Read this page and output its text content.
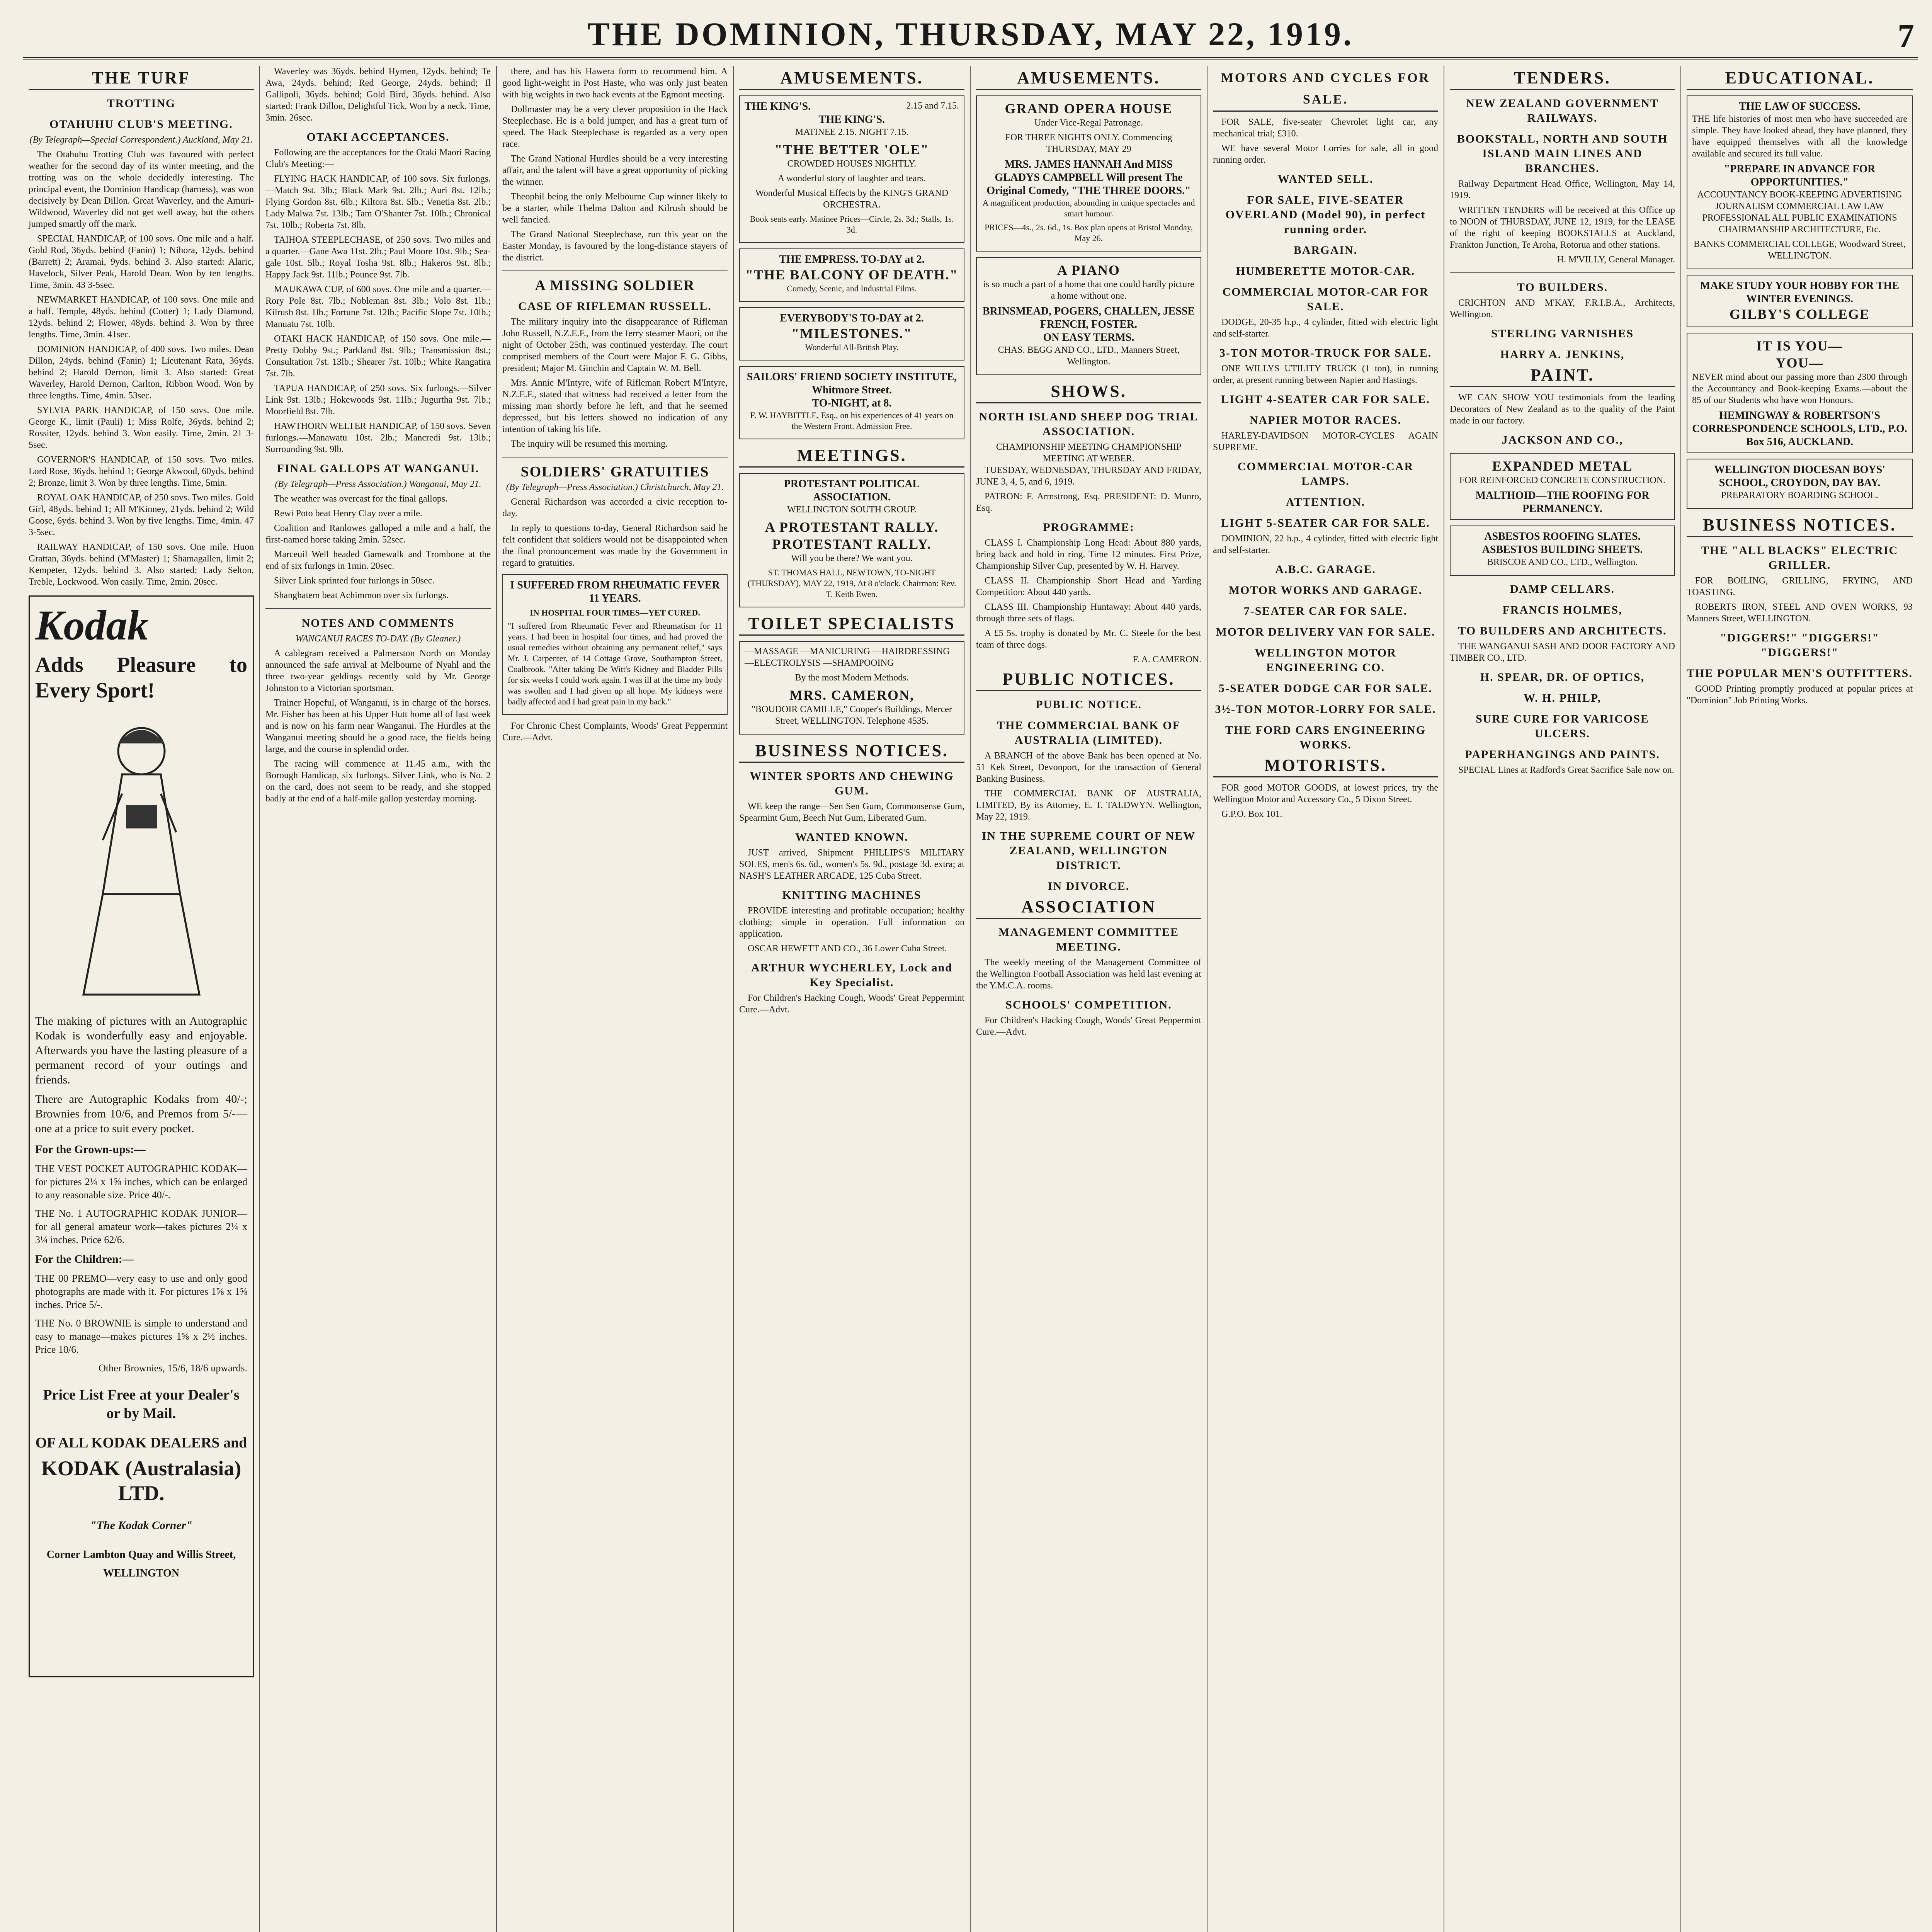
THE DOMINION, THURSDAY, MAY 22, 1919.	7
THE TURF
TROTTING
OTAHUHU CLUB'S MEETING.
(By Telegraph—Special Correspondent.) Auckland, May 21.

The Otahuhu Trotting Club was favoured with perfect weather for the second day of its winter meeting, and the trotting was on the whole decidedly interesting. The principal event, the Dominion Handicap (harness), was won decisively by Dean Dillon. Great Waverley, and the Amuri-Wildwood, Waverley did not get well away, but the others jumped smartly off the mark.

SPECIAL HANDICAP, of 100 sovs. One mile and a half. Gold Rod, 36yds. behind (Fanin) 1; Nihora, 12yds. behind (Barrett) 2; Aramai, 9yds. behind 3. Also started: Alaric, Havelock, Silver Peak, Harold Dean. Won by ten lengths. Time, 3min. 43 3-5sec.

NEWMARKET HANDICAP, of 100 sovs. One mile and a half. Temple, 48yds. behind (Cotter) 1; Lady Diamond, 12yds. behind 2; Flower, 48yds. behind 3. Won by three lengths. Time, 3min. 41sec.

DOMINION HANDICAP, of 400 sovs. Two miles. Dean Dillon, 24yds. behind (Fanin) 1; Lieutenant Rata, 36yds. behind 2; Harold Dernon, limit 3. Also started: Great Waverley, Harold Dernon, Carlton, Ribbon Wood. Won by three lengths. Time, 4min. 53sec.

SYLVIA PARK HANDICAP, of 150 sovs. One mile. George K., limit (Pauli) 1; Miss Rolfe, 36yds. behind 2; Rossiter, 12yds. behind 3. Won easily. Time, 2min. 21 3-5sec.

GOVERNOR'S HANDICAP, of 150 sovs. Two miles. Lord Rose, 36yds. behind 1; George Akwood, 60yds. behind 2; Bronze, limit 3. Won by three lengths. Time, 5min.

ROYAL OAK HANDICAP, of 250 sovs. Two miles. Gold Girl, 48yds. behind 1; All M'Kinney, 21yds. behind 2; Wild Goose, 6yds. behind 3. Won by five lengths. Time, 4min. 47 3-5sec.

RAILWAY HANDICAP, of 150 sovs. One mile. Huon Grattan, 36yds. behind (M'Master) 1; Shamagallen, limit 2; Kempeter, 12yds. behind 3. Also started: Lady Selton, Treble, Lockwood. Won easily. Time, 2min. 20sec.

Kodak
Adds Pleasure to Every Sport!
The making of pictures with an Autographic Kodak is wonderfully easy and enjoyable. Afterwards you have the lasting pleasure of a permanent record of your outings and friends.
There are Autographic Kodaks from 40/-; Brownies from 10/6, and Premos from 5/-—one at a price to suit every pocket.
For the Grown-ups:—
THE VEST POCKET AUTOGRAPHIC KODAK—for pictures 2¼ x 1⅝ inches, which can be enlarged to any reasonable size. Price 40/-.
THE No. 1 AUTOGRAPHIC KODAK JUNIOR—for all general amateur work—takes pictures 2¼ x 3¼ inches. Price 62/6.
For the Children:—
THE 00 PREMO—very easy to use and only good photographs are made with it. For pictures 1⅝ x 1⅝ inches. Price 5/-.
THE No. 0 BROWNIE is simple to understand and easy to manage—makes pictures 1⅝ x 2½ inches. Price 10/6.
Other Brownies, 15/6, 18/6 upwards.
Price List Free at your Dealer's or by Mail.
OF ALL KODAK DEALERS and
KODAK (Australasia) LTD.
"The Kodak Corner"
Corner Lambton Quay and Willis Street, WELLINGTON

Waverley was 36yds. behind Hymen, 12yds. behind; Te Awa, 24yds. behind; Red George, 24yds. behind; Il Gallipoli, 36yds. behind; Gold Bird, 36yds. behind. Also started: Frank Dillon, Delightful Tick. Won by a neck. Time, 3min. 26sec.

OTAKI ACCEPTANCES.

Following are the acceptances for the Otaki Maori Racing Club's Meeting:—

FLYING HACK HANDICAP, of 100 sovs. Six furlongs.—Match 9st. 3lb.; Black Mark 9st. 2lb.; Auri 8st. 12lb.; Flying Gordon 8st. 6lb.; Kiltora 8st. 5lb.; Venetia 8st. 2lb.; Lady Malwa 7st. 13lb.; Tam O'Shanter 7st. 10lb.; Chronical 7st. 10lb.; Roberta 7st. 8lb.

TAIHOA STEEPLECHASE, of 250 sovs. Two miles and a quarter.—Gane Awa 11st. 2lb.; Paul Moore 10st. 9lb.; Sea-gale 10st. 5lb.; Royal Tosha 9st. 8lb.; Hakeros 9st. 8lb.; Happy Jack 9st. 11lb.; Pounce 9st. 7lb.

MAUKAWA CUP, of 600 sovs. One mile and a quarter.—Rory Pole 8st. 7lb.; Nobleman 8st. 3lb.; Volo 8st. 1lb.; Kilrush 8st. 1lb.; Fortune 7st. 12lb.; Pacific Slope 7st. 10lb.; Manuatu 7st. 10lb.

OTAKI HACK HANDICAP, of 150 sovs. One mile.—Pretty Dobby 9st.; Parkland 8st. 9lb.; Transmission 8st.; Consultation 7st. 13lb.; Shearer 7st. 10lb.; White Rangatira 7st. 7lb.

TAPUA HANDICAP, of 250 sovs. Six furlongs.—Silver Link 9st. 13lb.; Hokewoods 9st. 11lb.; Jugurtha 9st. 7lb.; Moorfield 8st. 7lb.

HAWTHORN WELTER HANDICAP, of 150 sovs. Seven furlongs.—Manawatu 10st. 2lb.; Mancredi 9st. 13lb.; Surrounding 9st. 9lb.

FINAL GALLOPS AT WANGANUI.
(By Telegraph—Press Association.) Wanganui, May 21.

The weather was overcast for the final gallops.

Rewi Poto beat Henry Clay over a mile.

Coalition and Ranlowes galloped a mile and a half, the first-named horse taking 2min. 52sec.

Marceuil Well headed Gamewalk and Trombone at the end of six furlongs in 1min. 20sec.

Silver Link sprinted four furlongs in 50sec.

Shanghatem beat Achimmon over six furlongs.

NOTES AND COMMENTS
WANGANUI RACES TO-DAY. (By Gleaner.)

A cablegram received a Palmerston North on Monday announced the safe arrival at Melbourne of Nyahl and the three two-year geldings recently sold by Mr. George Johnston to a Victorian sportsman.

Trainer Hopeful, of Wanganui, is in charge of the horses. Mr. Fisher has been at his Upper Hutt home all of last week and is now on his farm near Wanganui. The Hurdles at the Wanganui meeting should be a good race, the fields being large, and the course in splendid order.

The racing will commence at 11.45 a.m., with the Borough Handicap, six furlongs. Silver Link, who is No. 2 on the card, does not seem to be ready, and she stopped badly at the end of a half-mile gallop yesterday morning.

there, and has his Hawera form to recommend him. A good light-weight in Post Haste, who was only just beaten with big weights in two hack events at the Egmont meeting.

Dollmaster may be a very clever proposition in the Hack Steeplechase. He is a bold jumper, and has a great turn of speed. The Hack Steeplechase is regarded as a very open race.

The Grand National Hurdles should be a very interesting affair, and the talent will have a great opportunity of picking the winner.

Theophil being the only Melbourne Cup winner likely to be a starter, while Thelma Dalton and Kilrush should be well fancied.

The Grand National Steeplechase, run this year on the Easter Monday, is favoured by the long-distance stayers of the district.

A MISSING SOLDIER
CASE OF RIFLEMAN RUSSELL.

The military inquiry into the disappearance of Rifleman John Russell, N.Z.E.F., from the ferry steamer Maori, on the night of October 25th, was continued yesterday. The court comprised members of the Court were Major F. G. Gibbs, president; Major M. Ginchin and Captain W. M. Bell.

Mrs. Annie M'Intyre, wife of Rifleman Robert M'Intyre, N.Z.E.F., stated that witness had received a letter from the missing man shortly before he left, and that he seemed depressed, but his letters showed no indication of any intention of taking his life.

The inquiry will be resumed this morning.

SOLDIERS' GRATUITIES
(By Telegraph—Press Association.) Christchurch, May 21.

General Richardson was accorded a civic reception to-day.

In reply to questions to-day, General Richardson said he felt confident that soldiers would not be disappointed when the final pronouncement was made by the Government in regard to gratuities.

I SUFFERED FROM RHEUMATIC FEVER 11 YEARS.
IN HOSPITAL FOUR TIMES—YET CURED.

"I suffered from Rheumatic Fever and Rheumatism for 11 years. I had been in hospital four times, and had proved the usual remedies without obtaining any permanent relief," says Mr. J. Carpenter, of 14 Cottage Grove, Southampton Street, Coalbrook. "After taking De Witt's Kidney and Bladder Pills for six weeks I could work again. I was ill at the time my body was swollen and I had given up all hope. My kidneys were badly affected and I had great pain in my back."

For Chronic Chest Complaints, Woods' Great Peppermint Cure.—Advt.

AMUSEMENTS.
THE KING'S.	2.15 and 7.15.
THE KING'S.

MATINEE 2.15. NIGHT 7.15.

"THE BETTER 'OLE"

CROWDED HOUSES NIGHTLY.

A wonderful story of laughter and tears.

Wonderful Musical Effects by the KING'S GRAND ORCHESTRA.

Book seats early. Matinee Prices—Circle, 2s. 3d.; Stalls, 1s. 3d.

THE EMPRESS. TO-DAY at 2.
"THE BALCONY OF DEATH."

Comedy, Scenic, and Industrial Films.

EVERYBODY'S TO-DAY at 2.
"MILESTONES."

Wonderful All-British Play.

SAILORS' FRIEND SOCIETY INSTITUTE, Whitmore Street.
TO-NIGHT, at 8.

F. W. HAYBITTLE, Esq., on his experiences of 41 years on the Western Front. Admission Free.

MEETINGS.
PROTESTANT POLITICAL ASSOCIATION.

WELLINGTON SOUTH GROUP.

A PROTESTANT RALLY. PROTESTANT RALLY.

Will you be there? We want you.

ST. THOMAS HALL, NEWTOWN, TO-NIGHT (THURSDAY), MAY 22, 1919, At 8 o'clock. Chairman: Rev. T. Keith Ewen.

TOILET SPECIALISTS

—MASSAGE —MANICURING —HAIRDRESSING —ELECTROLYSIS —SHAMPOOING

By the most Modern Methods.

MRS. CAMERON,

"BOUDOIR CAMILLE," Cooper's Buildings, Mercer Street, WELLINGTON. Telephone 4535.

BUSINESS NOTICES.
WINTER SPORTS AND CHEWING GUM.

WE keep the range—Sen Sen Gum, Commonsense Gum, Spearmint Gum, Beech Nut Gum, Liberated Gum.

WANTED KNOWN.

JUST arrived, Shipment PHILLIPS'S MILITARY SOLES, men's 6s. 6d., women's 5s. 9d., postage 3d. extra; at NASH'S LEATHER ARCADE, 125 Cuba Street.

KNITTING MACHINES

PROVIDE interesting and profitable occupation; healthy clothing; simple in operation. Full information on application.

OSCAR HEWETT AND CO., 36 Lower Cuba Street.

ARTHUR WYCHERLEY, Lock and Key Specialist.

For Children's Hacking Cough, Woods' Great Peppermint Cure.—Advt.

AMUSEMENTS.
GRAND OPERA HOUSE

Under Vice-Regal Patronage.

FOR THREE NIGHTS ONLY. Commencing THURSDAY, MAY 29

MRS. JAMES HANNAH And MISS GLADYS CAMPBELL Will present The Original Comedy, "THE THREE DOORS."

A magnificent production, abounding in unique spectacles and smart humour.

PRICES—4s., 2s. 6d., 1s. Box plan opens at Bristol Monday, May 26.

A PIANO

is so much a part of a home that one could hardly picture a home without one.

BRINSMEAD, POGERS, CHALLEN, JESSE FRENCH, FOSTER.
ON EASY TERMS.

CHAS. BEGG AND CO., LTD., Manners Street, Wellington.

SHOWS.
NORTH ISLAND SHEEP DOG TRIAL ASSOCIATION.
CHAMPIONSHIP MEETING CHAMPIONSHIP MEETING AT WEBER.

TUESDAY, WEDNESDAY, THURSDAY AND FRIDAY, JUNE 3, 4, 5, and 6, 1919.

PATRON: F. Armstrong, Esq. PRESIDENT: D. Munro, Esq.

PROGRAMME:

CLASS I. Championship Long Head: About 880 yards, bring back and hold in ring. Time 12 minutes. First Prize, Championship Silver Cup, presented by W. H. Harvey.

CLASS II. Championship Short Head and Yarding Competition: About 440 yards.

CLASS III. Championship Huntaway: About 440 yards, through three sets of flags.

A £5 5s. trophy is donated by Mr. C. Steele for the best team of three dogs.

F. A. CAMERON.

PUBLIC NOTICES.
PUBLIC NOTICE.
THE COMMERCIAL BANK OF AUSTRALIA (LIMITED).

A BRANCH of the above Bank has been opened at No. 51 Kek Street, Devonport, for the transaction of General Banking Business.

THE COMMERCIAL BANK OF AUSTRALIA, LIMITED, By its Attorney, E. T. TALDWYN. Wellington, May 22, 1919.

IN THE SUPREME COURT OF NEW ZEALAND, WELLINGTON DISTRICT.
IN DIVORCE.
ASSOCIATION
MANAGEMENT COMMITTEE MEETING.

The weekly meeting of the Management Committee of the Wellington Football Association was held last evening at the Y.M.C.A. rooms.

SCHOOLS' COMPETITION.

For Children's Hacking Cough, Woods' Great Peppermint Cure.—Advt.

MOTORS AND CYCLES FOR SALE.

FOR SALE, five-seater Chevrolet light car, any mechanical trial; £310.

WE have several Motor Lorries for sale, all in good running order.

WANTED SELL.
FOR SALE, FIVE-SEATER OVERLAND (Model 90), in perfect running order.
BARGAIN.
HUMBERETTE MOTOR-CAR.
COMMERCIAL MOTOR-CAR FOR SALE.

DODGE, 20-35 h.p., 4 cylinder, fitted with electric light and self-starter.

3-TON MOTOR-TRUCK FOR SALE.

ONE WILLYS UTILITY TRUCK (1 ton), in running order, at present running between Napier and Hastings.

LIGHT 4-SEATER CAR FOR SALE.
NAPIER MOTOR RACES.

HARLEY-DAVIDSON MOTOR-CYCLES AGAIN SUPREME.

COMMERCIAL MOTOR-CAR LAMPS.
ATTENTION.
LIGHT 5-SEATER CAR FOR SALE.

DOMINION, 22 h.p., 4 cylinder, fitted with electric light and self-starter.

A.B.C. GARAGE.
MOTOR WORKS AND GARAGE.
7-SEATER CAR FOR SALE.
MOTOR DELIVERY VAN FOR SALE.
WELLINGTON MOTOR ENGINEERING CO.
5-SEATER DODGE CAR FOR SALE.
3½-TON MOTOR-LORRY FOR SALE.
THE FORD CARS ENGINEERING WORKS.
MOTORISTS.

FOR good MOTOR GOODS, at lowest prices, try the Wellington Motor and Accessory Co., 5 Dixon Street.

G.P.O. Box 101.

TENDERS.
NEW ZEALAND GOVERNMENT RAILWAYS.
BOOKSTALL, NORTH AND SOUTH ISLAND MAIN LINES AND BRANCHES.

Railway Department Head Office, Wellington, May 14, 1919.

WRITTEN TENDERS will be received at this Office up to NOON of THURSDAY, JUNE 12, 1919, for the LEASE of the right of keeping BOOKSTALLS at Auckland, Frankton Junction, Te Aroha, Rotorua and other stations.

H. M'VILLY, General Manager.

TO BUILDERS.

CRICHTON AND M'KAY, F.R.I.B.A., Architects, Wellington.

STERLING VARNISHES
HARRY A. JENKINS,
PAINT.

WE CAN SHOW YOU testimonials from the leading Decorators of New Zealand as to the quality of the Paint made in our factory.

JACKSON AND CO.,
EXPANDED METAL

FOR REINFORCED CONCRETE CONSTRUCTION.

MALTHOID—THE ROOFING FOR PERMANENCY.
ASBESTOS ROOFING SLATES.
ASBESTOS BUILDING SHEETS.

BRISCOE AND CO., LTD., Wellington.

DAMP CELLARS.
FRANCIS HOLMES,
TO BUILDERS AND ARCHITECTS.

THE WANGANUI SASH AND DOOR FACTORY AND TIMBER CO., LTD.

H. SPEAR, DR. OF OPTICS,
W. H. PHILP,
SURE CURE FOR VARICOSE ULCERS.
PAPERHANGINGS AND PAINTS.

SPECIAL Lines at Radford's Great Sacrifice Sale now on.

EDUCATIONAL.
THE LAW OF SUCCESS.

THE life histories of most men who have succeeded are simple. They have looked ahead, they have planned, they have equipped themselves with all the knowledge available and secured its full value.

"PREPARE IN ADVANCE FOR OPPORTUNITIES."

ACCOUNTANCY BOOK-KEEPING ADVERTISING JOURNALISM COMMERCIAL LAW LAW PROFESSIONAL ALL PUBLIC EXAMINATIONS CHAIRMANSHIP ARCHITECTURE, Etc.

BANKS COMMERCIAL COLLEGE, Woodward Street, WELLINGTON.

MAKE STUDY YOUR HOBBY FOR THE WINTER EVENINGS.
GILBY'S COLLEGE
IT IS YOU—
YOU—

NEVER mind about our passing more than 2300 through the Accountancy and Book-keeping Exams.—about the 85 of our Students who have won Honours.

HEMINGWAY & ROBERTSON'S CORRESPONDENCE SCHOOLS, LTD., P.O. Box 516, AUCKLAND.
WELLINGTON DIOCESAN BOYS' SCHOOL, CROYDON, DAY BAY.

PREPARATORY BOARDING SCHOOL.

BUSINESS NOTICES.
THE "ALL BLACKS" ELECTRIC GRILLER.

FOR BOILING, GRILLING, FRYING, AND TOASTING.

ROBERTS IRON, STEEL AND OVEN WORKS, 93 Manners Street, WELLINGTON.

"DIGGERS!" "DIGGERS!" "DIGGERS!"
THE POPULAR MEN'S OUTFITTERS.

GOOD Printing promptly produced at popular prices at "Dominion" Job Printing Works.
